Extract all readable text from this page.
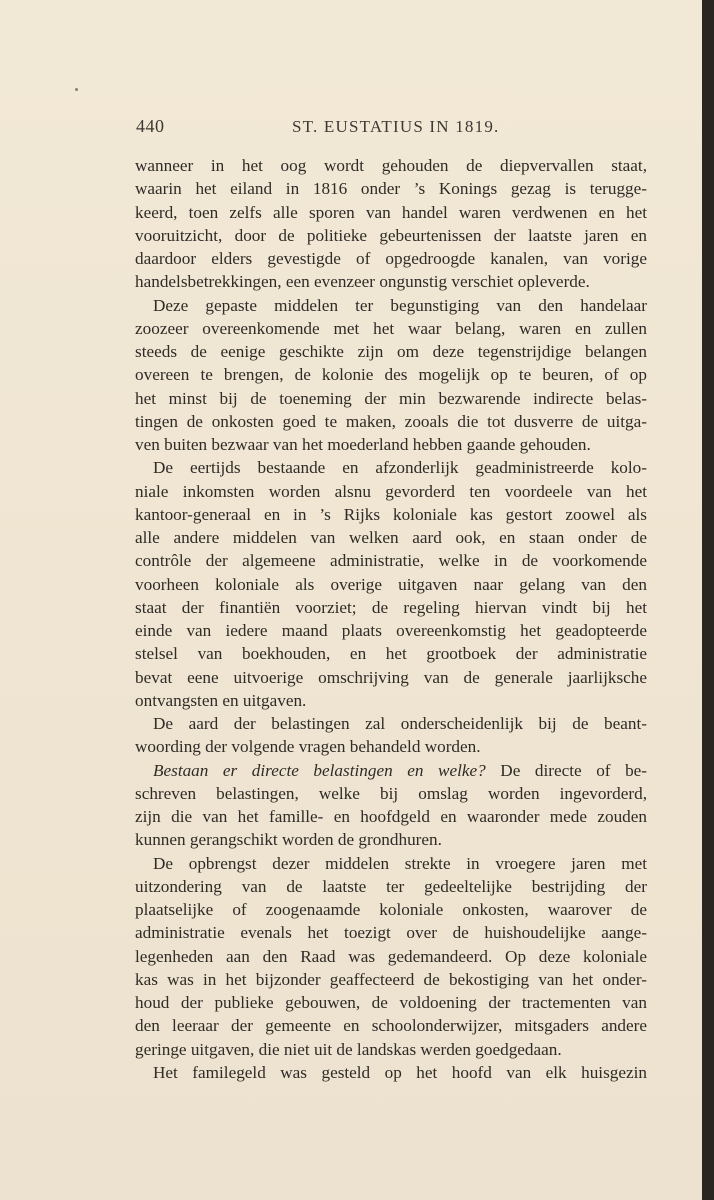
440	ST. EUSTATIUS IN 1819.
wanneer in het oog wordt gehouden de diepvervallen staat,
waarin het eiland in 1816 onder ’s Konings gezag is terugge-
keerd, toen zelfs alle sporen van handel waren verdwenen en het
vooruitzicht, door de politieke gebeurtenissen der laatste jaren en
daardoor elders gevestigde of opgedroogde kanalen, van vorige
handelsbetrekkingen, een evenzeer ongunstig verschiet opleverde.
Deze gepaste middelen ter begunstiging van den handelaar
zoozeer overeenkomende met het waar belang, waren en zullen
steeds de eenige geschikte zijn om deze tegenstrijdige belangen
overeen te brengen, de kolonie des mogelijk op te beuren, of op
het minst bij de toeneming der min bezwarende indirecte belas-
tingen de onkosten goed te maken, zooals die tot dusverre de uitga-
ven buiten bezwaar van het moederland hebben gaande gehouden.
De eertijds bestaande en afzonderlijk geadministreerde kolo-
niale inkomsten worden alsnu gevorderd ten voordeele van het
kantoor-generaal en in ’s Rijks koloniale kas gestort zoowel als
alle andere middelen van welken aard ook, en staan onder de
contrôle der algemeene administratie, welke in de voorkomende
voorheen koloniale als overige uitgaven naar gelang van den
staat der finantiën voorziet; de regeling hiervan vindt bij het
einde van iedere maand plaats overeenkomstig het geadopteerde
stelsel van boekhouden, en het grootboek der administratie
bevat eene uitvoerige omschrijving van de generale jaarlijksche
ontvangsten en uitgaven.
De aard der belastingen zal onderscheidenlijk bij de beant-
woording der volgende vragen behandeld worden.
Bestaan er directe belastingen en welke? De directe of be-
schreven belastingen, welke bij omslag worden ingevorderd,
zijn die van het famille- en hoofdgeld en waaronder mede zouden
kunnen gerangschikt worden de grondhuren.
De opbrengst dezer middelen strekte in vroegere jaren met
uitzondering van de laatste ter gedeeltelijke bestrijding der
plaatselijke of zoogenaamde koloniale onkosten, waarover de
administratie evenals het toezigt over de huishoudelijke aange-
legenheden aan den Raad was gedemandeerd. Op deze koloniale
kas was in het bijzonder geaffecteerd de bekostiging van het onder-
houd der publieke gebouwen, de voldoening der tractementen van
den leeraar der gemeente en schoolonderwijzer, mitsgaders andere
geringe uitgaven, die niet uit de landskas werden goedgedaan.
Het familegeld was gesteld op het hoofd van elk huisgezin
